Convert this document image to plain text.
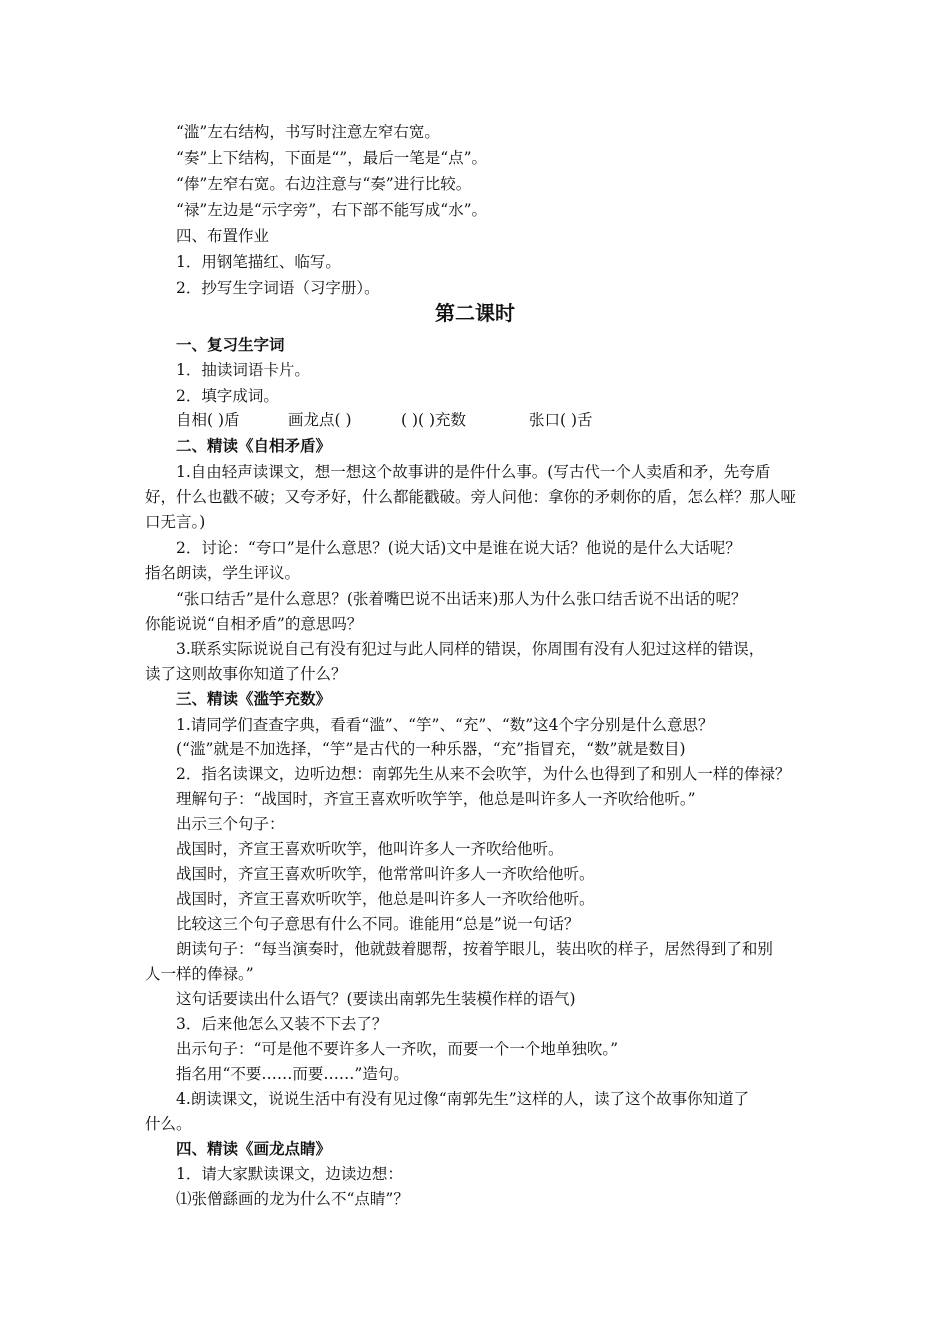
“滥”左右结构，书写时注意左窄右宽。
“奏”上下结构，下面是“”，最后一笔是“点”。
“俸”左窄右宽。右边注意与“奏”进行比较。
“禄”左边是“示字旁”，右下部不能写成“水”。
四、布置作业
1．用钢笔描红、临写。
2．抄写生字词语（习字册）。
第二课时
一、复习生字词
1．抽读词语卡片。
2．填字成词。
自相( )盾	画龙点( )	( )( )充数	张口( )舌
二、精读《自相矛盾》
1.自由轻声读课文，想一想这个故事讲的是件什么事。(写古代一个人卖盾和矛，先夸盾
好，什么也戳不破；又夸矛好，什么都能戳破。旁人问他：拿你的矛刺你的盾，怎么样？那人哑
口无言。)
2．讨论：“夸口”是什么意思？(说大话)文中是谁在说大话？他说的是什么大话呢？
指名朗读，学生评议。
“张口结舌”是什么意思？(张着嘴巴说不出话来)那人为什么张口结舌说不出话的呢？
你能说说“自相矛盾”的意思吗？
3.联系实际说说自己有没有犯过与此人同样的错误，你周围有没有人犯过这样的错误，
读了这则故事你知道了什么？
三、精读《滥竽充数》
1.请同学们查查字典，看看“滥”、“竽”、“充”、“数”这4个字分别是什么意思？
(“滥”就是不加选择，“竽”是古代的一种乐器，“充”指冒充，“数”就是数目)
2．指名读课文，边听边想：南郭先生从来不会吹竽，为什么也得到了和别人一样的俸禄？
理解句子：“战国时，齐宣王喜欢听吹竽竽，他总是叫许多人一齐吹给他听。”
出示三个句子：
战国时，齐宣王喜欢听吹竽，他叫许多人一齐吹给他听。
战国时，齐宣王喜欢听吹竽，他常常叫许多人一齐吹给他听。
战国时，齐宣王喜欢听吹竽，他总是叫许多人一齐吹给他听。
比较这三个句子意思有什么不同。谁能用“总是”说一句话？
朗读句子：“每当演奏时，他就鼓着腮帮，按着竽眼儿，装出吹的样子，居然得到了和别
人一样的俸禄。”
这句话要读出什么语气？(要读出南郭先生装模作样的语气)
3．后来他怎么又装不下去了？
出示句子：“可是他不要许多人一齐吹，而要一个一个地单独吹。”
指名用“不要……而要……”造句。
4.朗读课文，说说生活中有没有见过像“南郭先生”这样的人，读了这个故事你知道了
什么。
四、精读《画龙点睛》
1．请大家默读课文，边读边想：
⑴张僧繇画的龙为什么不“点睛”？
